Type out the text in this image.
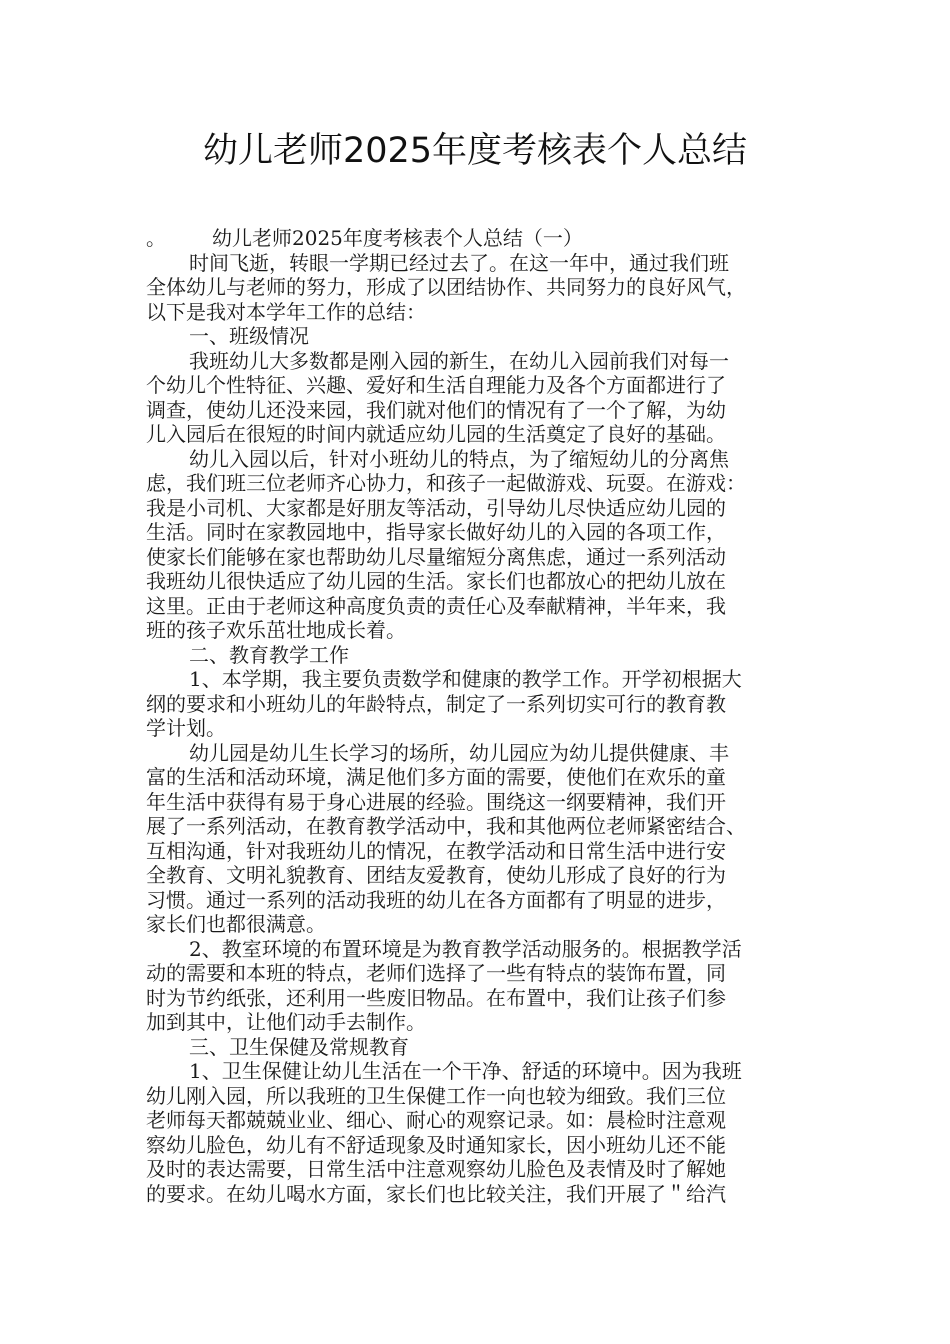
幼儿老师2025年度考核表个人总结
。 幼儿老师2025年度考核表个人总结（一）
时间飞逝，转眼一学期已经过去了。在这一年中，通过我们班
全体幼儿与老师的努力，形成了以团结协作、共同努力的良好风气，
以下是我对本学年工作的总结：
一、班级情况
我班幼儿大多数都是刚入园的新生，在幼儿入园前我们对每一
个幼儿个性特征、兴趣、爱好和生活自理能力及各个方面都进行了
调查，使幼儿还没来园，我们就对他们的情况有了一个了解，为幼
儿入园后在很短的时间内就适应幼儿园的生活奠定了良好的基础。
幼儿入园以后，针对小班幼儿的特点，为了缩短幼儿的分离焦
虑，我们班三位老师齐心协力，和孩子一起做游戏、玩耍。在游戏：
我是小司机、大家都是好朋友等活动，引导幼儿尽快适应幼儿园的
生活。同时在家教园地中，指导家长做好幼儿的入园的各项工作，
使家长们能够在家也帮助幼儿尽量缩短分离焦虑，通过一系列活动
我班幼儿很快适应了幼儿园的生活。家长们也都放心的把幼儿放在
这里。正由于老师这种高度负责的责任心及奉献精神，半年来，我
班的孩子欢乐茁壮地成长着。
二、教育教学工作
1、本学期，我主要负责数学和健康的教学工作。开学初根据大
纲的要求和小班幼儿的年龄特点，制定了一系列切实可行的教育教
学计划。
幼儿园是幼儿生长学习的场所，幼儿园应为幼儿提供健康、丰
富的生活和活动环境，满足他们多方面的需要，使他们在欢乐的童
年生活中获得有易于身心进展的经验。围绕这一纲要精神，我们开
展了一系列活动，在教育教学活动中，我和其他两位老师紧密结合、
互相沟通，针对我班幼儿的情况，在教学活动和日常生活中进行安
全教育、文明礼貌教育、团结友爱教育，使幼儿形成了良好的行为
习惯。通过一系列的活动我班的幼儿在各方面都有了明显的进步，
家长们也都很满意。
2、教室环境的布置环境是为教育教学活动服务的。根据教学活
动的需要和本班的特点，老师们选择了一些有特点的装饰布置，同
时为节约纸张，还利用一些废旧物品。在布置中，我们让孩子们参
加到其中，让他们动手去制作。
三、卫生保健及常规教育
1、卫生保健让幼儿生活在一个干净、舒适的环境中。因为我班
幼儿刚入园，所以我班的卫生保健工作一向也较为细致。我们三位
老师每天都兢兢业业、细心、耐心的观察记录。如：晨检时注意观
察幼儿脸色，幼儿有不舒适现象及时通知家长，因小班幼儿还不能
及时的表达需要，日常生活中注意观察幼儿脸色及表情及时了解她
的要求。在幼儿喝水方面，家长们也比较关注，我们开展了＂给汽
